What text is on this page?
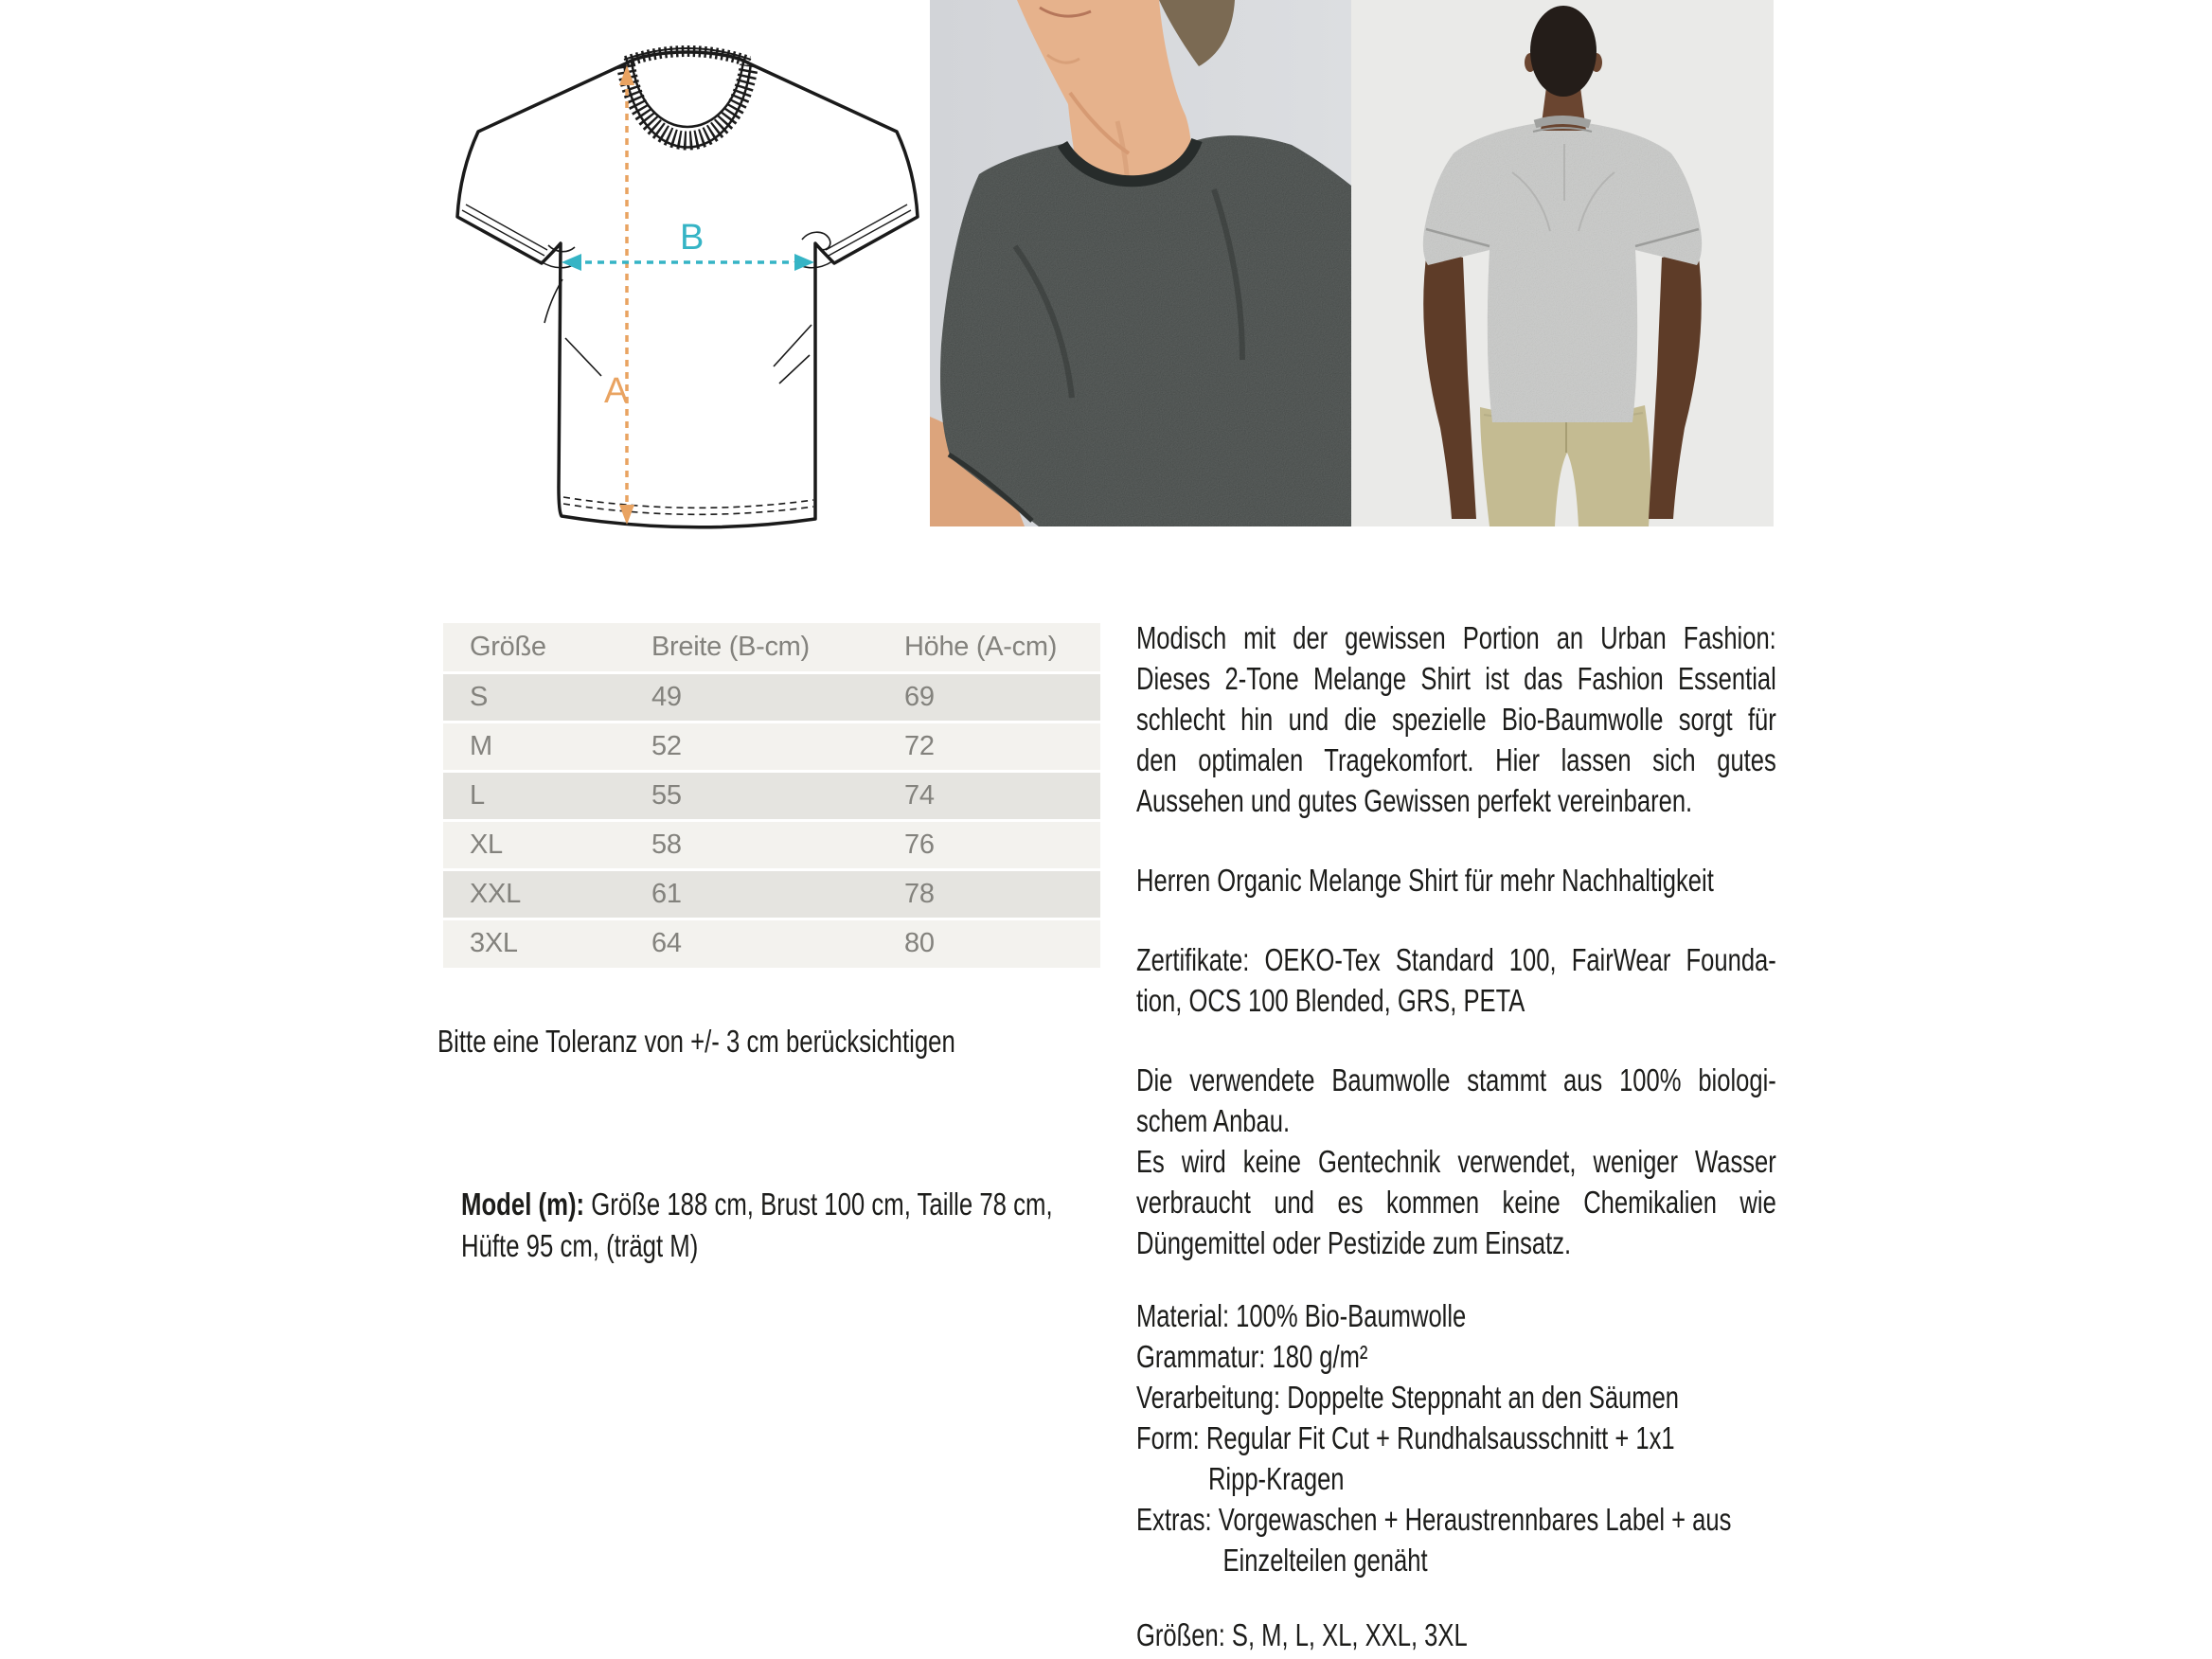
A
B
Größe	Breite (B-cm)	Höhe (A-cm)
S	49	69
M	52	72
L	55	74
XL	58	76
XXL	61	78
3XL	64	80
Bitte eine Toleranz von +/- 3 cm berücksichtigen
Model (m): Größe 188 cm, Brust 100 cm, Taille 78 cm,
Hüfte 95 cm, (trägt M)
Modisch mit der gewissen Portion an Urban Fashion:
Dieses 2-Tone Melange Shirt ist das Fashion Essential
schlecht hin und die spezielle Bio-Baumwolle sorgt für
den optimalen Tragekomfort. Hier lassen sich gutes
Aussehen und gutes Gewissen perfekt vereinbaren.
Herren Organic Melange Shirt für mehr Nachhaltigkeit
Zertifikate: OEKO-Tex Standard 100, FairWear Founda-
tion, OCS 100 Blended, GRS, PETA
Die verwendete Baumwolle stammt aus 100% biologi-
schem Anbau.
Es wird keine Gentechnik verwendet, weniger Wasser
verbraucht und es kommen keine Chemikalien wie
Düngemittel oder Pestizide zum Einsatz.
Material: 100% Bio-Baumwolle
Grammatur: 180 g/m²
Verarbeitung: Doppelte Steppnaht an den Säumen
Form: Regular Fit Cut + Rundhalsausschnitt + 1x1
Ripp-Kragen
Extras: Vorgewaschen + Heraustrennbares Label + aus
Einzelteilen genäht
Größen: S, M, L, XL, XXL, 3XL
